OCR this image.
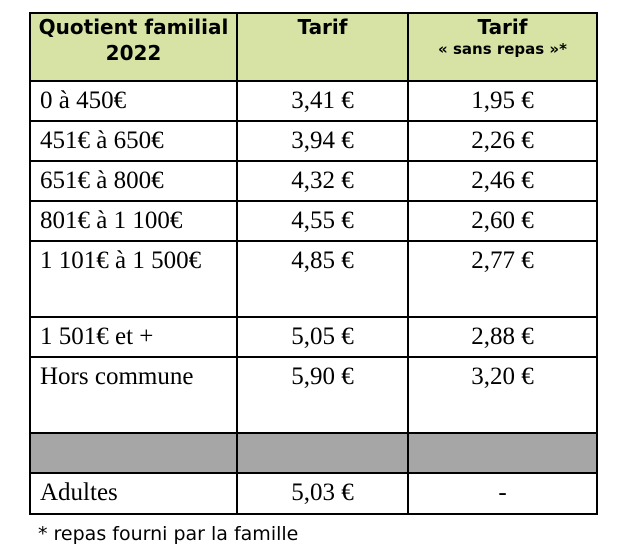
Quotient familial 2022	Tarif	Tarif
« sans repas »*

0 à 450€	3,41 €	1,95 €
451€ à 650€	3,94 €	2,26 €
651€ à 800€	4,32 €	2,46 €
801€ à 1 100€	4,55 €	2,60 €
1 101€ à 1 500€	4,85 €	2,77 €
1 501€ et +	5,05 €	2,88 €
Hors commune	5,90 €	3,20 €

Adultes	5,03 €	-
* repas fourni par la famille
